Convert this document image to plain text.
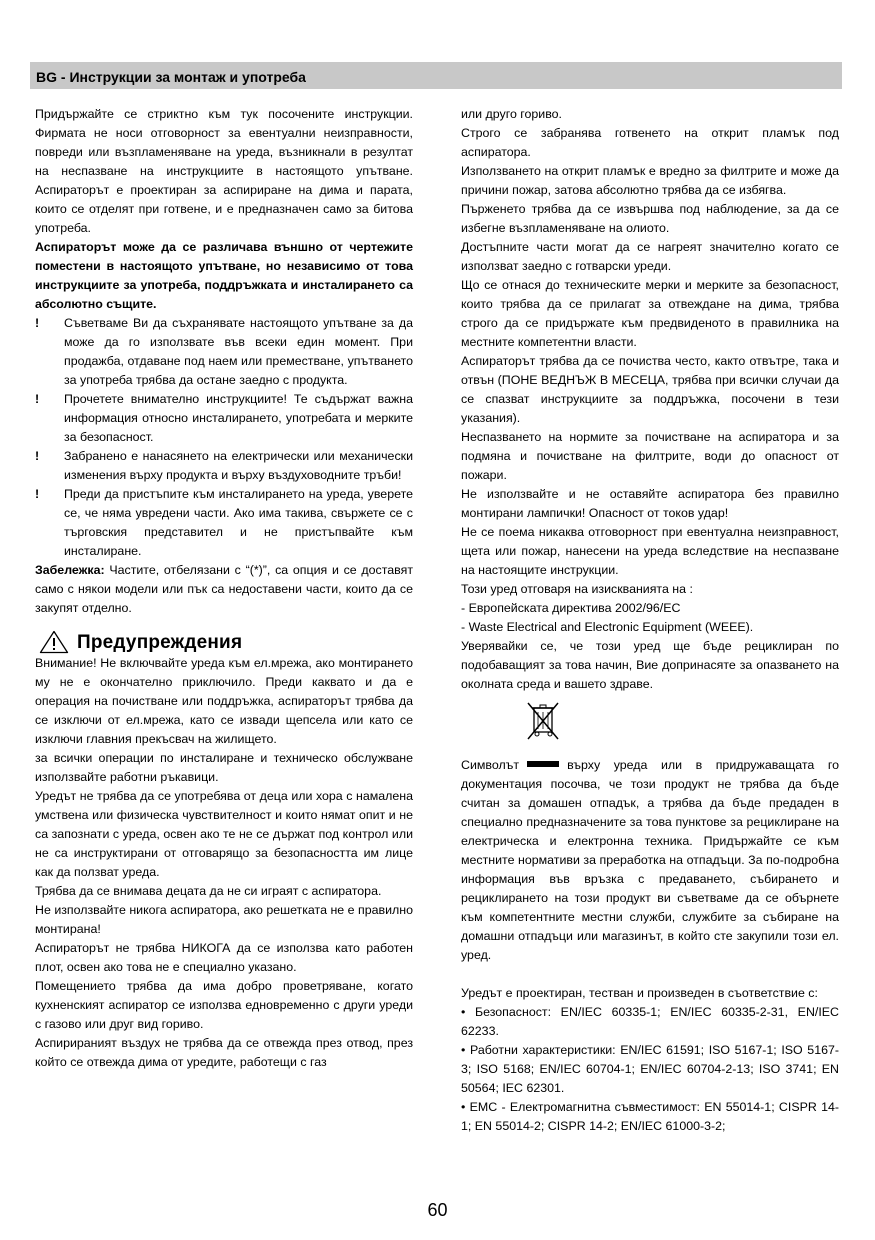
BG - Инструкции за монтаж и употреба

Придържайте се стриктно към тук посочените инструкции. Фирмата не носи отговорност за евентуални неизправности, повреди или възпламеняване на уреда, възникнали в резултат на неспазване на инструкциите в настоящото упътване. Аспираторът е проектиран за аспириране на дима и парата, които се отделят при готвене, и е предназначен само за битова употреба.

Аспираторът може да се различава външно от чертежите поместени в настоящото упътване, но независимо от това инструкциите за употреба, поддръжката и инсталирането са абсолютно същите.

! Съветваме Ви да съхранявате настоящото упътване за да може да го използвате във всеки един момент. При продажба, отдаване под наем или преместване, упътването за употреба трябва да остане заедно с продукта.
! Прочетете внимателно инструкциите! Те съдържат важна информация относно инсталирането, употребата и мерките за безопасност.
! Забранено е нанасянето на електрически или механически изменения върху продукта и върху въздуховодните тръби!
! Преди да пристъпите към инсталирането на уреда, уверете се, че няма увредени части. Ако има такива, свържете се с търговския представител и не пристъпвайте към инсталиране.

Забележка: Частите, отбелязани с “(*)”, са опция и се доставят само с някои модели или пък са недоставени части, които да се закупят отделно.

Предупреждения

Внимание! Не включвайте уреда към ел.мрежа, ако монтирането му не е окончателно приключило. Преди каквато и да е операция на почистване или поддръжка, аспираторът трябва да се изключи от ел.мрежа, като се извади щепсела или като се изключи главния прекъсвач на жилището.

за всички операции по инсталиране и техническо обслужване използвайте работни ръкавици.

Уредът не трябва да се употребява от деца или хора с намалена умствена или физическа чувствителност и които нямат опит и не са запознати с уреда, освен ако те не се държат под контрол или не са инструктирани от отговарящо за безопасността им лице как да ползват уреда.

Трябва да се внимава децата да не си играят с аспиратора.

Не използвайте никога аспиратора, ако решетката не е правилно монтирана!

Аспираторът не трябва НИКОГА да се използва като работен плот, освен ако това не е специално указано.

Помещението трябва да има добро проветряване, когато кухненският аспиратор се използва едновременно с други уреди с газово или друг вид гориво.

Аспирираният въздух не трябва да се отвежда през отвод, през който се отвежда дима от уредите, работещи с газ

или друго гориво.

Строго се забранява готвенето на открит пламък под аспиратора.

Използването на открит пламък е вредно за филтрите и може да причини пожар, затова абсолютно трябва да се избягва.

Пърженето трябва да се извършва под наблюдение, за да се избегне възпламеняване на олиото.

Достъпните части могат да се нагреят значително когато се използват заедно с готварски уреди.

Що се отнася до техническите мерки и мерките за безопасност, които трябва да се прилагат за отвеждане на дима, трябва строго да се придържате към предвиденото в правилника на местните компетентни власти.

Аспираторът трябва да се почиства често, както отвътре, така и отвън (ПОНЕ ВЕДНЪЖ В МЕСЕЦА, трябва при всички случаи да се спазват инструкциите за поддръжка, посочени в тези указания).

Неспазването на нормите за почистване на аспиратора и за подмяна и почистване на филтрите, води до опасност от пожари.

Не използвайте и не оставяйте аспиратора без правилно монтирани лампички! Опасност от токов удар!

Не се поема никаква отговорност при евентуална неизправност, щета или пожар, нанесени на уреда вследствие на неспазване на настоящите инструкции.

Този уред отговаря на изискванията на :

- Европейската директива 2002/96/ЕС

- Waste Electrical and Electronic Equipment (WEEE).

Уверявайки се, че този уред ще бъде рециклиран по подобаващият за това начин, Вие допринасяте за опазването на околната среда и вашето здраве.

Символът	върху уреда или в придружаващата го документация посочва, че този продукт не трябва да бъде считан за домашен отпадък, а трябва да бъде предаден в специално предназначените за това пунктове за рециклиране на електрическа и електронна техника. Придържайте се към местните нормативи за преработка на отпадъци. За по-подробна информация във връзка с предаването, събирането и рециклирането на този продукт ви съветваме да се обърнете към компетентните местни служби, службите за събиране на домашни отпадъци или магазинът, в който сте закупили този ел. уред.

Уредът е проектиран, тестван и произведен в съответствие с:

• Безопасност: EN/IEC 60335-1; EN/IEC 60335-2-31, EN/IEC 62233.

• Работни характеристики: EN/IEC 61591; ISO 5167-1; ISO 5167-3; ISO 5168; EN/IEC 60704-1; EN/IEC 60704-2-13; ISO 3741; EN 50564; IEC 62301.

• EMC - Електромагнитна съвместимост: EN 55014-1; CISPR 14-1; EN 55014-2; CISPR 14-2; EN/IEC 61000-3-2;

60
